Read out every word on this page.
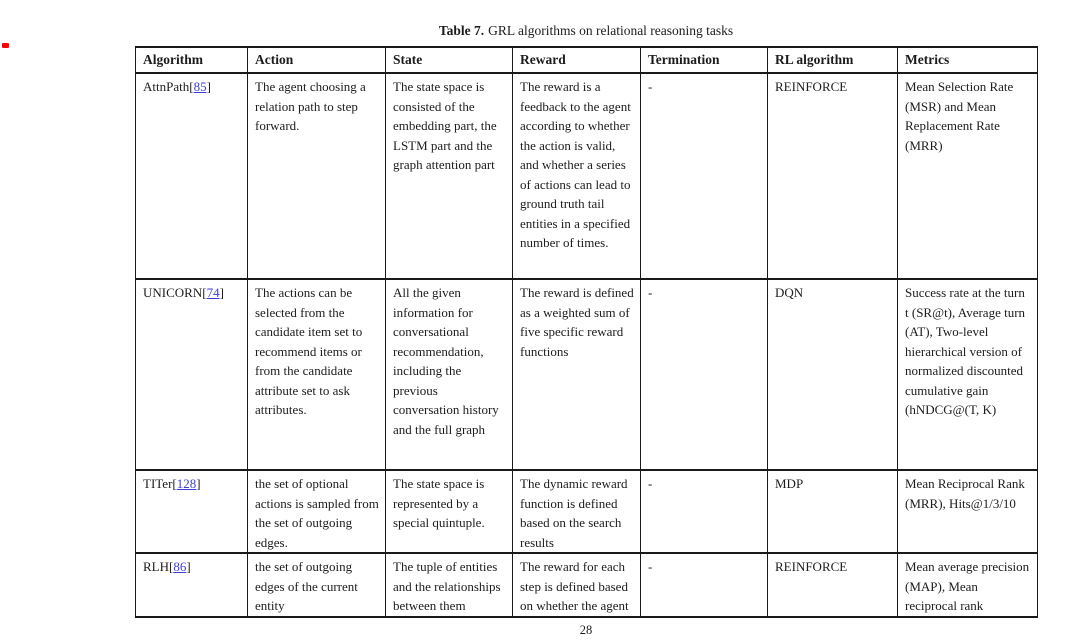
Table 7. GRL algorithms on relational reasoning tasks
Algorithm	Action	State	Reward	Termination	RL algorithm	Metrics
AttnPath[85]	The agent choosing a relation path to step forward.	The state space is consisted of the embedding part, the LSTM part and the graph attention part	The reward is a feedback to the agent according to whether the action is valid, and whether a series of actions can lead to ground truth tail entities in a specified number of times.	-	REINFORCE	Mean Selection Rate (MSR) and Mean Replacement Rate (MRR)
UNICORN[74]	The actions can be selected from the candidate item set to recommend items or from the candidate attribute set to ask attributes.	All the given information for conversational recommendation, including the previous conversation history and the full graph	The reward is defined as a weighted sum of five specific reward functions	-	DQN	Success rate at the turn t (SR@t), Average turn (AT), Two-level hierarchical version of normalized discounted cumulative gain (hNDCG@(T, K)
TITer[128]	the set of optional actions is sampled from the set of outgoing edges.	The state space is represented by a special quintuple.	The dynamic reward function is defined based on the search results	-	MDP	Mean Reciprocal Rank (MRR), Hits@1/3/10
RLH[86]	the set of outgoing edges of the current entity	The tuple of entities and the relationships between them	The reward for each step is defined based on whether the agent	-	REINFORCE	Mean average precision (MAP), Mean reciprocal rank
28
